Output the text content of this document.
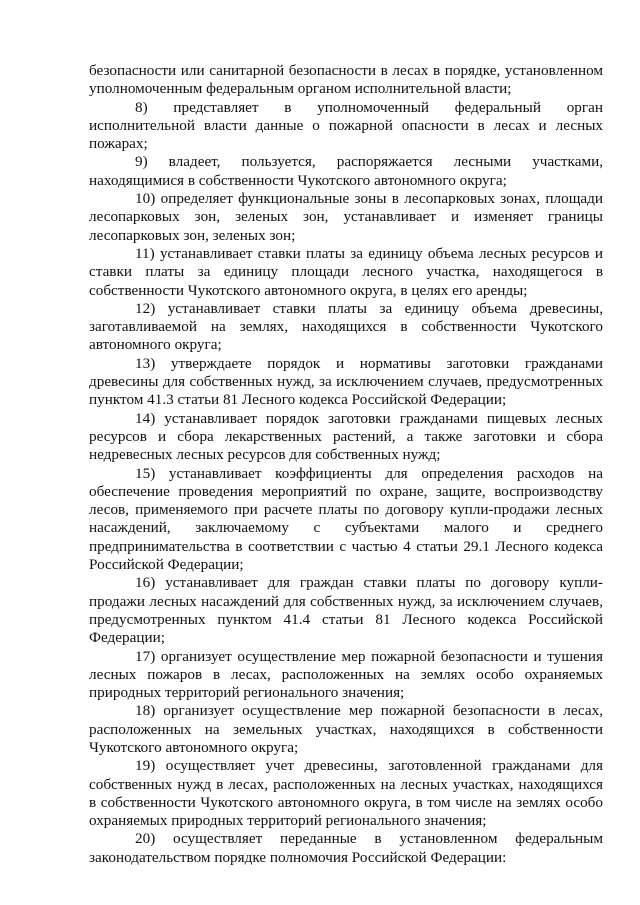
безопасности или санитарной безопасности в лесах в порядке, установленном уполномоченным федеральным органом исполнительной власти;

8) представляет в уполномоченный федеральный орган исполнительной власти данные о пожарной опасности в лесах и лесных пожарах;

9) владеет, пользуется, распоряжается лесными участками, находящимися в собственности Чукотского автономного округа;

10) определяет функциональные зоны в лесопарковых зонах, площади лесопарковых зон, зеленых зон, устанавливает и изменяет границы лесопарковых зон, зеленых зон;

11) устанавливает ставки платы за единицу объема лесных ресурсов и ставки платы за единицу площади лесного участка, находящегося в собственности Чукотского автономного округа, в целях его аренды;

12) устанавливает ставки платы за единицу объема древесины, заготавливаемой на землях, находящихся в собственности Чукотского автономного округа;

13) утверждаете порядок и нормативы заготовки гражданами древесины для собственных нужд, за исключением случаев, предусмотренных пунктом 41.3 статьи 81 Лесного кодекса Российской Федерации;

14) устанавливает порядок заготовки гражданами пищевых лесных ресурсов и сбора лекарственных растений, а также заготовки и сбора недревесных лесных ресурсов для собственных нужд;

15) устанавливает коэффициенты для определения расходов на обеспечение проведения мероприятий по охране, защите, воспроизводству лесов, применяемого при расчете платы по договору купли-продажи лесных насаждений, заключаемому с субъектами малого и среднего предпринимательства в соответствии с частью 4 статьи 29.1 Лесного кодекса Российской Федерации;

16) устанавливает для граждан ставки платы по договору купли-продажи лесных насаждений для собственных нужд, за исключением случаев, предусмотренных пунктом 41.4 статьи 81 Лесного кодекса Российской Федерации;

17) организует осуществление мер пожарной безопасности и тушения лесных пожаров в лесах, расположенных на землях особо охраняемых природных территорий регионального значения;

18) организует осуществление мер пожарной безопасности в лесах, расположенных на земельных участках, находящихся в собственности Чукотского автономного округа;

19) осуществляет учет древесины, заготовленной гражданами для собственных нужд в лесах, расположенных на лесных участках, находящихся в собственности Чукотского автономного округа, в том числе на землях особо охраняемых природных территорий регионального значения;

20) осуществляет переданные в установленном федеральным законодательством порядке полномочия Российской Федерации:
